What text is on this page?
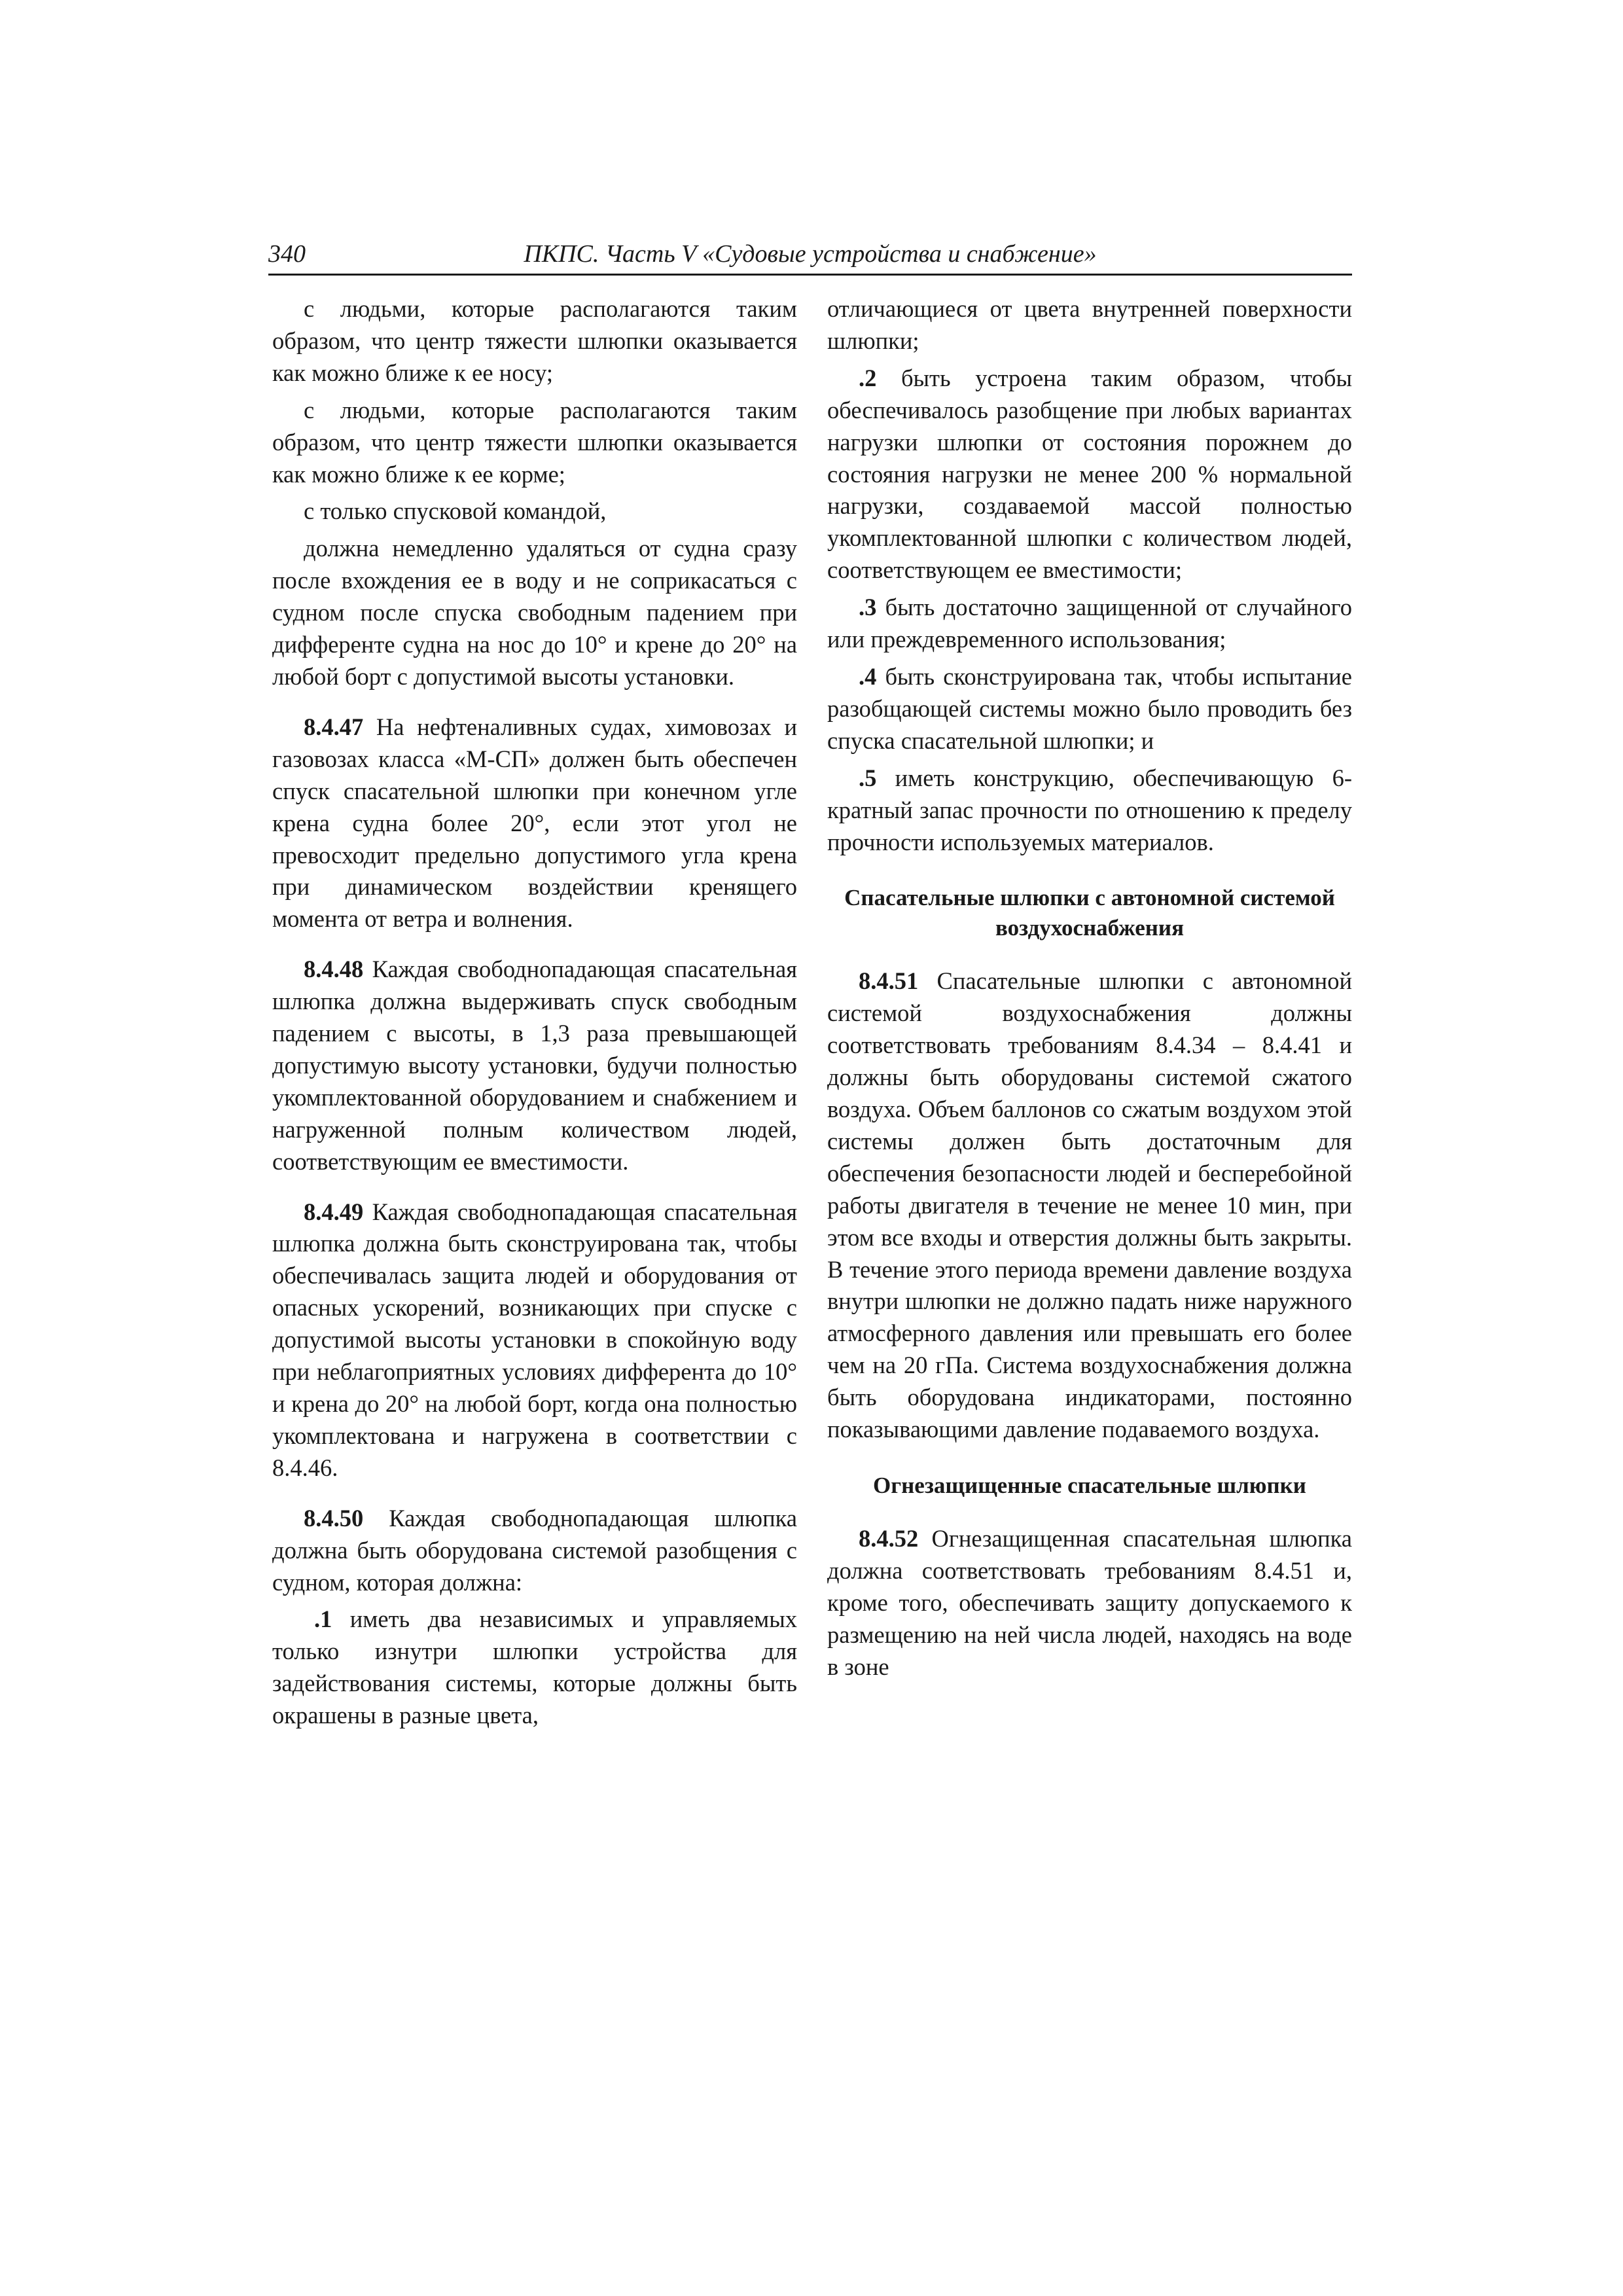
340	ПКПС. Часть V «Судовые устройства и снабжение»

с людьми, которые располагаются таким образом, что центр тяжести шлюпки оказывается как можно ближе к ее носу;

с людьми, которые располагаются таким образом, что центр тяжести шлюпки оказывается как можно ближе к ее корме;

с только спусковой командой,

должна немедленно удаляться от судна сразу после вхождения ее в воду и не соприкасаться с судном после спуска свободным падением при дифференте судна на нос до 10° и крене до 20° на любой борт с допустимой высоты установки.

8.4.47 На нефтеналивных судах, химовозах и газовозах класса «М-СП» должен быть обеспечен спуск спасательной шлюпки при конечном угле крена судна более 20°, если этот угол не превосходит предельно допустимого угла крена при динамическом воздействии кренящего момента от ветра и волнения.

8.4.48 Каждая свободнопадающая спасательная шлюпка должна выдерживать спуск свободным падением с высоты, в 1,3 раза превышающей допустимую высоту установки, будучи полностью укомплектованной оборудованием и снабжением и нагруженной полным количеством людей, соответствующим ее вместимости.

8.4.49 Каждая свободнопадающая спасательная шлюпка должна быть сконструирована так, чтобы обеспечивалась защита людей и оборудования от опасных ускорений, возникающих при спуске с допустимой высоты установки в спокойную воду при неблагоприятных условиях дифферента до 10° и крена до 20° на любой борт, когда она полностью укомплектована и нагружена в соответствии с 8.4.46.

8.4.50 Каждая свободнопадающая шлюпка должна быть оборудована системой разобщения с судном, которая должна:

.1 иметь два независимых и управляемых только изнутри шлюпки устройства для задействования системы, которые должны быть окрашены в разные цвета,

отличающиеся от цвета внутренней поверхности шлюпки;

.2 быть устроена таким образом, чтобы обеспечивалось разобщение при любых вариантах нагрузки шлюпки от состояния порожнем до состояния нагрузки не менее 200 % нормальной нагрузки, создаваемой массой полностью укомплектованной шлюпки с количеством людей, соответствующем ее вместимости;

.3 быть достаточно защищенной от случайного или преждевременного использования;

.4 быть сконструирована так, чтобы испытание разобщающей системы можно было проводить без спуска спасательной шлюпки; и

.5 иметь конструкцию, обеспечивающую 6-кратный запас прочности по отношению к пределу прочности используемых материалов.

Спасательные шлюпки с автономной системой воздухоснабжения

8.4.51 Спасательные шлюпки с автономной системой воздухоснабжения должны соответствовать требованиям 8.4.34 – 8.4.41 и должны быть оборудованы системой сжатого воздуха. Объем баллонов со сжатым воздухом этой системы должен быть достаточным для обеспечения безопасности людей и бесперебойной работы двигателя в течение не менее 10 мин, при этом все входы и отверстия должны быть закрыты. В течение этого периода времени давление воздуха внутри шлюпки не должно падать ниже наружного атмосферного давления или превышать его более чем на 20 гПа. Система воздухоснабжения должна быть оборудована индикаторами, постоянно показывающими давление подаваемого воздуха.

Огнезащищенные спасательные шлюпки

8.4.52 Огнезащищенная спасательная шлюпка должна соответствовать требованиям 8.4.51 и, кроме того, обеспечивать защиту допускаемого к размещению на ней числа людей, находясь на воде в зоне
